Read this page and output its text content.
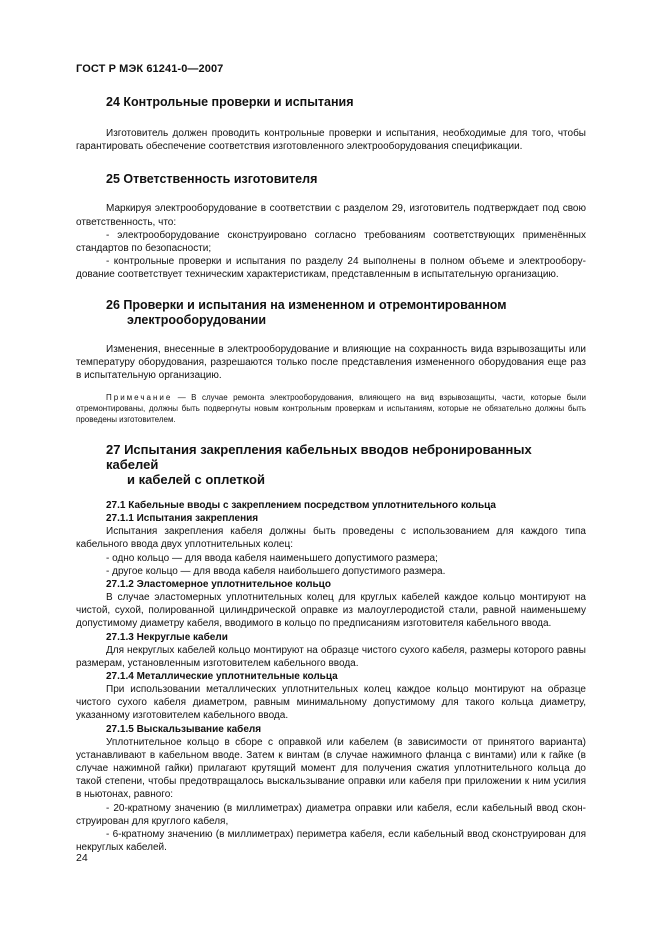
ГОСТ Р МЭК 61241-0—2007
24 Контрольные проверки и испытания

Изготовитель должен проводить контрольные проверки и испытания, необходимые для того, чтобы гарантировать обеспечение соответствия изготовленного электрооборудования спецификации.

25 Ответственность изготовителя

Маркируя электрооборудование в соответствии с разделом 29, изготовитель подтверждает под свою ответственность, что:

- электрооборудование сконструировано согласно требованиям соответствующих применённых стандартов по безопасности;

- контрольные проверки и испытания по разделу 24 выполнены в полном объеме и электрооборудование соответствует техническим характеристикам, представленным в испытательную организацию.

26 Проверки и испытания на измененном и отремонтированном
электрооборудовании

Изменения, внесенные в электрооборудование и влияющие на сохранность вида взрывозащиты или температуру оборудования, разрешаются только после представления измененного оборудования еще раз в испытательную организацию.

Примечание — В случае ремонта электрооборудования, влияющего на вид взрывозащиты, части, которые были отремонтированы, должны быть подвергнуты новым контрольным проверкам и испытаниям, которые не обязательно должны быть проведены изготовителем.

27 Испытания закрепления кабельных вводов небронированных кабелей
и кабелей с оплеткой
27.1 Кабельные вводы с закреплением посредством уплотнительного кольца
27.1.1 Испытания закрепления

Испытания закрепления кабеля должны быть проведены с использованием для каждого типа кабельного ввода двух уплотнительных колец:

- одно кольцо — для ввода кабеля наименьшего допустимого размера;

- другое кольцо — для ввода кабеля наибольшего допустимого размера.

27.1.2 Эластомерное уплотнительное кольцо

В случае эластомерных уплотнительных колец для круглых кабелей каждое кольцо монтируют на чистой, сухой, полированной цилиндрической оправке из малоуглеродистой стали, равной наименьшему допустимому диаметру кабеля, вводимого в кольцо по предписаниям изготовителя кабельного ввода.

27.1.3 Некруглые кабели

Для некруглых кабелей кольцо монтируют на образце чистого сухого кабеля, размеры которого равны размерам, установленным изготовителем кабельного ввода.

27.1.4 Металлические уплотнительные кольца

При использовании металлических уплотнительных колец каждое кольцо монтируют на образце чистого сухого кабеля диаметром, равным минимальному допустимому для такого кольца диаметру, указанному изготовителем кабельного ввода.

27.1.5 Выскальзывание кабеля

Уплотнительное кольцо в сборе с оправкой или кабелем (в зависимости от принятого варианта) устанавливают в кабельном вводе. Затем к винтам (в случае нажимного фланца с винтами) или к гайке (в случае нажимной гайки) прилагают крутящий момент для получения сжатия уплотнительного кольца до такой степени, чтобы предотвращалось выскальзывание оправки или кабеля при приложении к ним усилия в ньютонах, равного:

- 20-кратному значению (в миллиметрах) диаметра оправки или кабеля, если кабельный ввод сконструирован для круглого кабеля,

- 6-кратному значению (в миллиметрах) периметра кабеля, если кабельный ввод сконструирован для некруглых кабелей.

24
